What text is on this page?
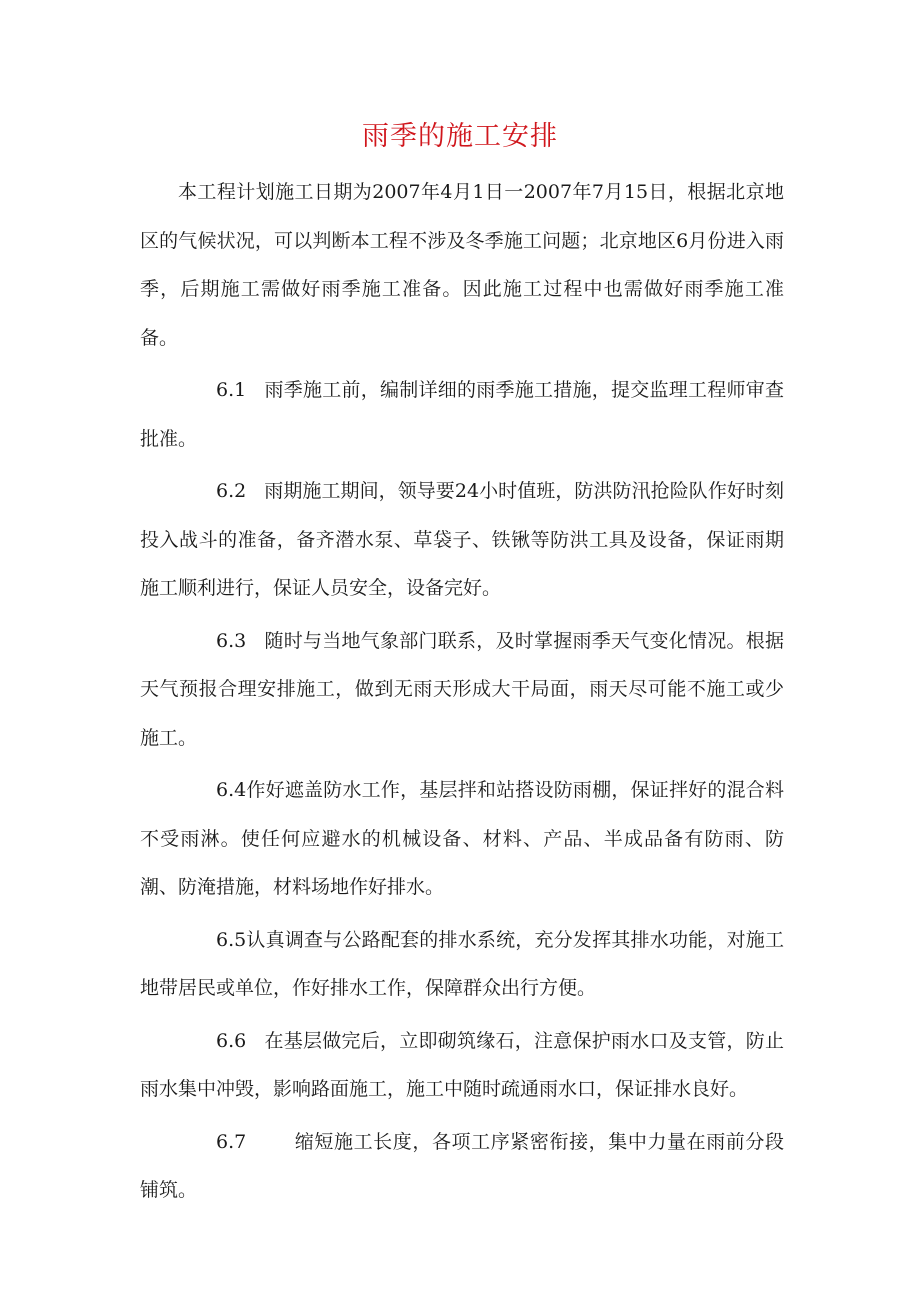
雨季的施工安排

本工程计划施工日期为2007年4月1日一2007年7月15日，根据北京地区的气候状况，可以判断本工程不涉及冬季施工问题；北京地区6月份进入雨季，后期施工需做好雨季施工准备。因此施工过程中也需做好雨季施工准备。

6.1 雨季施工前，编制详细的雨季施工措施，提交监理工程师审查批准。

6.2 雨期施工期间，领导要24小时值班，防洪防汛抢险队作好时刻投入战斗的准备，备齐潜水泵、草袋子、铁锹等防洪工具及设备，保证雨期施工顺利进行，保证人员安全，设备完好。

6.3 随时与当地气象部门联系，及时掌握雨季天气变化情况。根据天气预报合理安排施工，做到无雨天形成大干局面，雨天尽可能不施工或少施工。

6.4作好遮盖防水工作，基层拌和站搭设防雨棚，保证拌好的混合料不受雨淋。使任何应避水的机械设备、材料、产品、半成品备有防雨、防潮、防淹措施，材料场地作好排水。

6.5认真调查与公路配套的排水系统，充分发挥其排水功能，对施工地带居民或单位，作好排水工作，保障群众出行方便。

6.6 在基层做完后，立即砌筑缘石，注意保护雨水口及支管，防止雨水集中冲毁，影响路面施工，施工中随时疏通雨水口，保证排水良好。

6.7	缩短施工长度，各项工序紧密衔接，集中力量在雨前分段铺筑。
